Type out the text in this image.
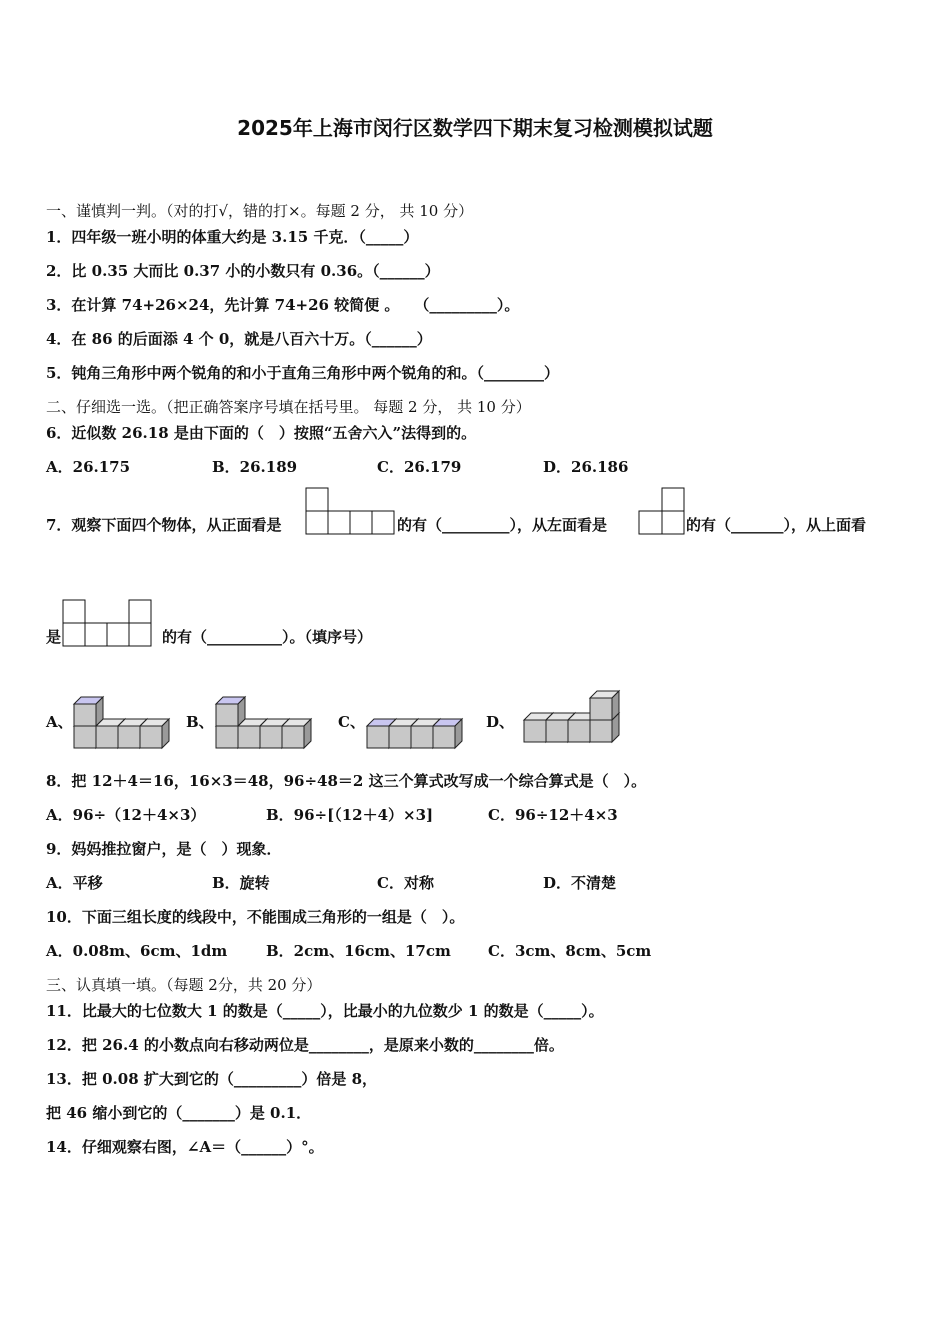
2025年上海市闵行区数学四下期末复习检测模拟试题
一、谨慎判一判。（对的打√，错的打×。每题 2 分， 共 10 分）
1．四年级一班小明的体重大约是 3.15 千克．（_____）
2．比 0.35 大而比 0.37 小的小数只有 0.36。（______）
3．在计算 74+26×24，先计算 74+26 较简便 。　　（_________）。
4．在 86 的后面添 4 个 0，就是八百六十万。（______）
5．钝角三角形中两个锐角的和小于直角三角形中两个锐角的和。（________）
二、仔细选一选。（把正确答案序号填在括号里。 每题 2 分， 共 10 分）
6．近似数 26.18 是由下面的（　）按照“五舍六入”法得到的。
A．26.175	B．26.189	C．26.179	D．26.186
7．观察下面四个物体，从正面看是	的有（_________），从左面看是	的有（_______），从上面看
是	的有（__________）。（填序号）
A、	B、	C、	D、
8．把 12＋4＝16，16×3＝48，96÷48＝2 这三个算式改写成一个综合算式是（　）。
A．96÷（12＋4×3）	B．96÷[（12＋4）×3]	C．96÷12＋4×3
9．妈妈推拉窗户，是（　）现象．
A．平移	B．旋转	C．对称	D．不清楚
10．下面三组长度的线段中，不能围成三角形的一组是（　）。
A．0.08m、6cm、1dm	B．2cm、16cm、17cm C．3cm、8cm、5cm
三、认真填一填。（每题 2分，共 20 分）
11．比最大的七位数大 1 的数是（_____），比最小的九位数少 1 的数是（_____）。
12．把 26.4 的小数点向右移动两位是________，是原来小数的________倍。
13．把 0.08 扩大到它的（_________）倍是 8，
把 46 缩小到它的（_______）是 0.1．
14．仔细观察右图，∠A＝（______）°。
